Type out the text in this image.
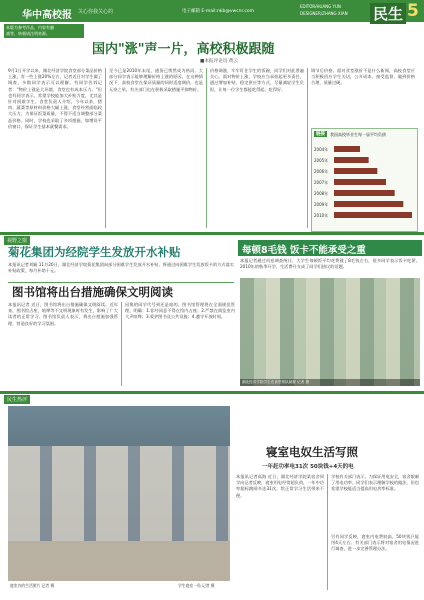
华中高校报 关心你我关心的	电子邮箱 E-mail:nkb@vwcnr.com
EDITOR/HUANG YUN
DESIGNER/ZHANG XIAN 民生 5
本版为参考作品，内容有删
减等，转载请注明来源。
国内"涨"声一片，高校积极跟随
■本报评论员 黄云
9月1日开学以来，湖北经济学院食堂部分菜品价格上涨，有一些上涨20%左右，记者近日对学生做了调查，多数同学表示可以理解。有同学告诉记者："物价上涨是大环境，食堂也有成本压力。"但也有同学表示，希望学校能加大补贴力度，尤其是针对困难学生。食堂负责人介绍，今年以来，猪肉、蔬菜等原材料价格大幅上涨，食堂经营面临较大压力，为保证饭菜质量，不得不适当调整部分菜品价格。同时，学校也采取了多项措施，如增设平价窗口，保证学生基本就餐需求。
至今已是2010年末尾，通货已悄然成为热词。大部分同学表示能够理解价格上涨的原因，在这种情况下，高校食堂在保证质量的同时适度调价，也是无奈之举。有关部门也在积极采取措施平抑物价。
价格调涨，牢牢盯住学生的饭碗，同学们对此普遍关心。面对物价上涨，学校应当承担起更多责任，通过增加补贴、稳定供应等方式，尽量减轻学生负担，让每一位学生都能吃得起、吃得好。
调节后价格。面对食堂涨价不是什么新闻，高校食堂应当积极回应学生关切，公开成本，接受监督，做到价格合理、质量过硬。
链接	我国高校毕业生每一届平均负债
2004年
2005年
2006年
2007年
2008年
2009年
2010年
视野之窗
菊花集团为经院学生发放开水补贴
本报讯记者刘颖 11月20日，湖北经济学院菊花集团向部分困难学生发放开水补贴，将通过向困难学生发放饭卡的方式落实补贴政策，每月补助十元。
每顿8毛钱 饭卡不能承受之重
本报记者通过问卷调查统计，大学生每顿饭平均花费涨了8毛钱左右，很多同学表示饭卡吃紧。2010年的秋季开学，生活费开支成了同学们热议的话题。
湖北经济学院学生在食堂排队就餐 记者 摄
图书馆将出台措施确保文明阅读
本报讯记者 近日，图书馆将出台措施确保文明阅读。近年来，图书馆占座、喧哗等不文明现象时有发生，影响了广大读者的正常学习。图书馆负责人表示，将出台措施加强管理，营造良好的学习氛围。
因换的同学代号到还是暗的，图书馆管理将在全面规范管理，明确：1.非经同意不得在馆内占座；2.严禁在阅览室内大声喧哗；3.爱护图书及公共设施；4.遵守开放时间。
民生热评
寝室内的生活照片 记者 摄	学生寝室一角 记者 摄
寝室电奴生活写照
一年赶功率电31次 50块钱+4天的电
本报讯记者高海 近日，湖北经济学院某宿舍同学向记者反映，寝室用电经常超负荷，一年中功率超标跳闸多达31次，给正常学习生活带来不便。
学校有关部门表示，为保证用电安全，宿舍限制了用电功率。同学们表示理解学校的做法，但也希望学校能适当提高用电功率标准。
另有同学反映，寝室内电费较高，50块钱只能用4天左右。有关部门表示将对宿舍用电情况进行调查，进一步完善管理办法。
